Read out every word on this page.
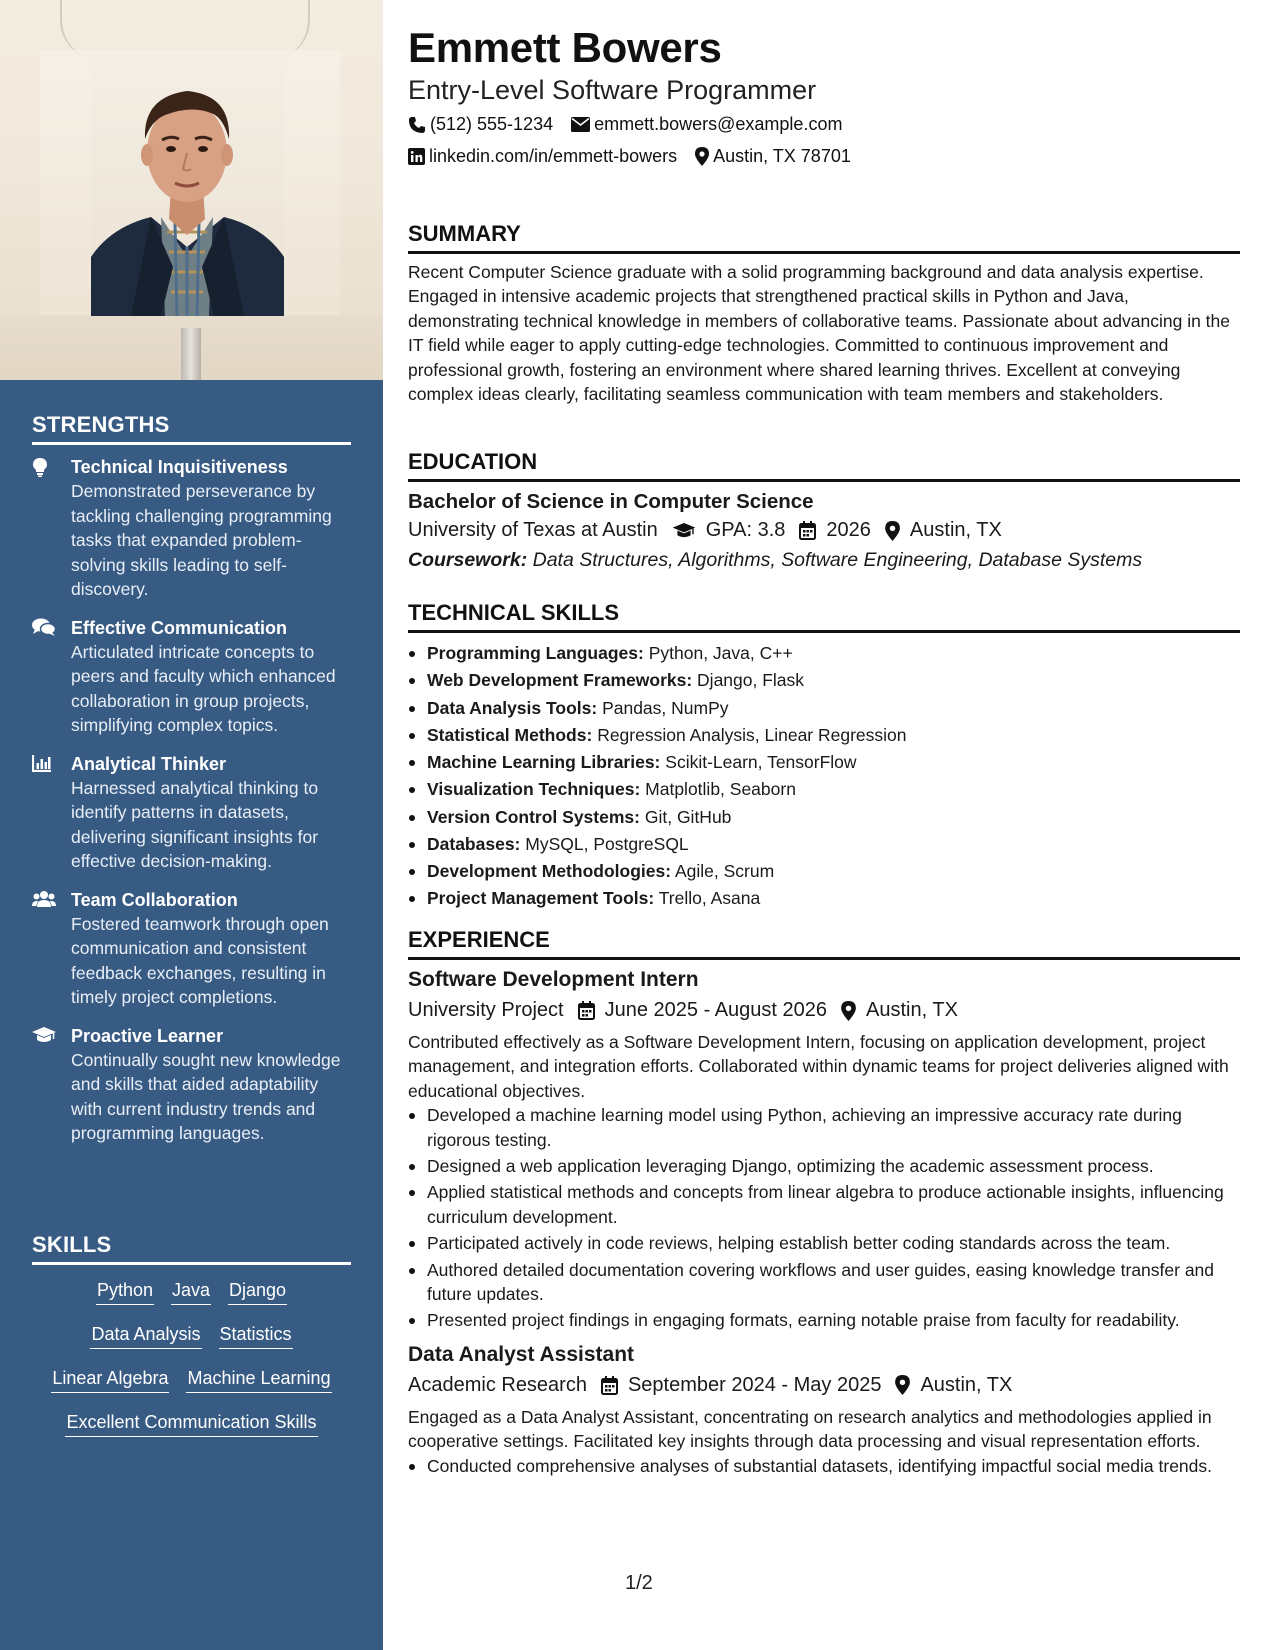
STRENGTHS
Technical Inquisitiveness
Demonstrated perseverance by tackling challenging programming tasks that expanded problem-solving skills leading to self-discovery.
Effective Communication
Articulated intricate concepts to peers and faculty which enhanced collaboration in group projects, simplifying complex topics.
Analytical Thinker
Harnessed analytical thinking to identify patterns in datasets, delivering significant insights for effective decision-making.
Team Collaboration
Fostered teamwork through open communication and consistent feedback exchanges, resulting in timely project completions.
Proactive Learner
Continually sought new knowledge and skills that aided adaptability with current industry trends and programming languages.
SKILLS
Python Java Django
Data Analysis Statistics
Linear Algebra Machine Learning
Excellent Communication Skills
Emmett Bowers
Entry-Level Software Programmer
(512) 555-1234 emmett.bowers@example.com
linkedin.com/in/emmett-bowers Austin, TX 78701
SUMMARY
Recent Computer Science graduate with a solid programming background and data analysis expertise. Engaged in intensive academic projects that strengthened practical skills in Python and Java, demonstrating technical knowledge in members of collaborative teams. Passionate about advancing in the IT field while eager to apply cutting-edge technologies. Committed to continuous improvement and professional growth, fostering an environment where shared learning thrives. Excellent at conveying complex ideas clearly, facilitating seamless communication with team members and stakeholders.
EDUCATION
Bachelor of Science in Computer Science
University of Texas at Austin GPA: 3.8 2026 Austin, TX
Coursework: Data Structures, Algorithms, Software Engineering, Database Systems
TECHNICAL SKILLS
Programming Languages: Python, Java, C++
Web Development Frameworks: Django, Flask
Data Analysis Tools: Pandas, NumPy
Statistical Methods: Regression Analysis, Linear Regression
Machine Learning Libraries: Scikit-Learn, TensorFlow
Visualization Techniques: Matplotlib, Seaborn
Version Control Systems: Git, GitHub
Databases: MySQL, PostgreSQL
Development Methodologies: Agile, Scrum
Project Management Tools: Trello, Asana
EXPERIENCE
Software Development Intern
University Project June 2025 - August 2026 Austin, TX
Contributed effectively as a Software Development Intern, focusing on application development, project management, and integration efforts. Collaborated within dynamic teams for project deliveries aligned with educational objectives.
Developed a machine learning model using Python, achieving an impressive accuracy rate during rigorous testing.
Designed a web application leveraging Django, optimizing the academic assessment process.
Applied statistical methods and concepts from linear algebra to produce actionable insights, influencing curriculum development.
Participated actively in code reviews, helping establish better coding standards across the team.
Authored detailed documentation covering workflows and user guides, easing knowledge transfer and future updates.
Presented project findings in engaging formats, earning notable praise from faculty for readability.
Data Analyst Assistant
Academic Research September 2024 - May 2025 Austin, TX
Engaged as a Data Analyst Assistant, concentrating on research analytics and methodologies applied in cooperative settings. Facilitated key insights through data processing and visual representation efforts.
Conducted comprehensive analyses of substantial datasets, identifying impactful social media trends.
1/2
